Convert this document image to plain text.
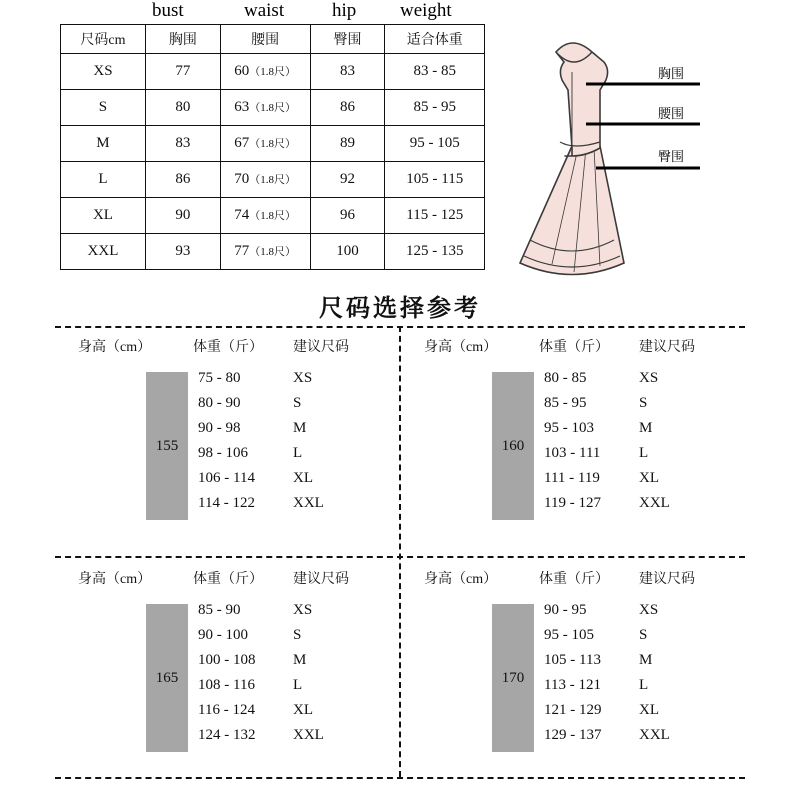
bust	waist	hip weight
尺码cm	胸围	腰围	臀围	适合体重
XS	77	60（1.8尺）	83	83 - 85
S	80	63（1.8尺）	86	85 - 95
M	83	67（1.8尺）	89	95 - 105
L	86	70（1.8尺）	92	105 - 115
XL	90	74（1.8尺）	96	115 - 125
XXL	93	77（1.8尺）	100	125 - 135
胸围
腰围
臀围
尺码选择参考
身高（cm）	体重（斤） 建议尺码
155
75 - 80	XS
80 - 90	S
90 - 98	M
98 - 106	L
106 - 114	XL
114 - 122	XXL
身高（cm）	体重（斤） 建议尺码
160
80 - 85	XS
85 - 95	S
95 - 103	M
103 - 111	L
111 - 119	XL
119 - 127	XXL
身高（cm）	体重（斤） 建议尺码
165
85 - 90	XS
90 - 100	S
100 - 108	M
108 - 116	L
116 - 124	XL
124 - 132	XXL
身高（cm）	体重（斤） 建议尺码
170
90 - 95	XS
95 - 105	S
105 - 113	M
113 - 121	L
121 - 129	XL
129 - 137	XXL
